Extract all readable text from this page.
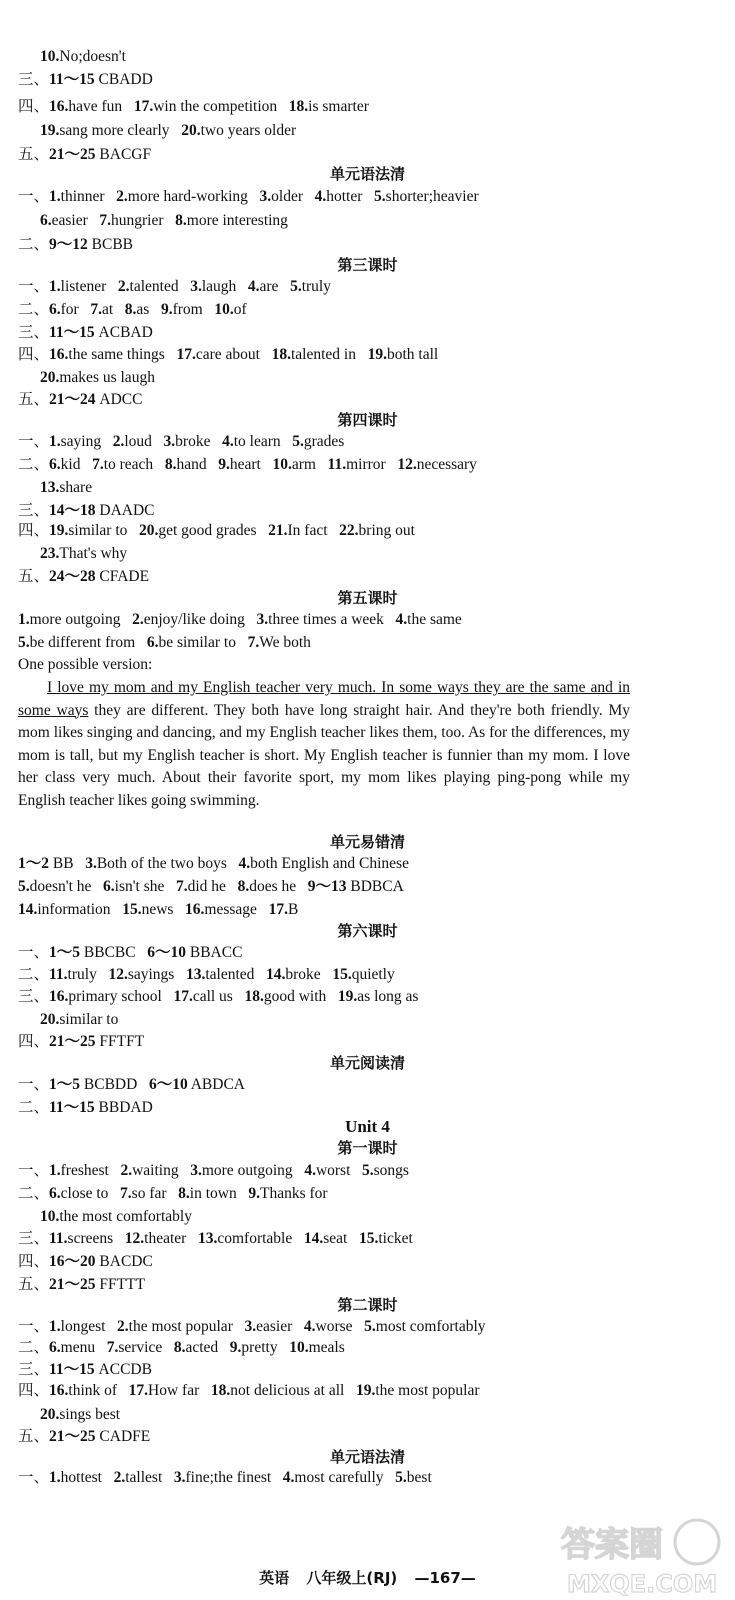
10.No;doesn't
三、11～15 CBADD
四、16.have fun   17.win the competition   18.is smarter
19.sang more clearly   20.two years older
五、21～25 BACGF
一、1.thinner   2.more hard-working   3.older   4.hotter   5.shorter;heavier
6.easier   7.hungrier   8.more interesting
二、9～12 BCBB
一、1.listener   2.talented   3.laugh   4.are   5.truly
二、6.for   7.at   8.as   9.from   10.of
三、11～15 ACBAD
四、16.the same things   17.care about   18.talented in   19.both tall
20.makes us laugh
五、21～24 ADCC
一、1.saying   2.loud   3.broke   4.to learn   5.grades
二、6.kid   7.to reach   8.hand   9.heart   10.arm   11.mirror   12.necessary
13.share
三、14～18 DAADC
四、19.similar to   20.get good grades   21.In fact   22.bring out
23.That's why
五、24～28 CFADE
1.more outgoing   2.enjoy/like doing   3.three times a week   4.the same
5.be different from   6.be similar to   7.We both
One possible version:
1～2 BB   3.Both of the two boys   4.both English and Chinese
5.doesn't he   6.isn't she   7.did he   8.does he   9～13 BDBCA
14.information   15.news   16.message   17.B
一、1～5 BBCBC   6～10 BBACC
二、11.truly   12.sayings   13.talented   14.broke   15.quietly
三、16.primary school   17.call us   18.good with   19.as long as
20.similar to
四、21～25 FFTFT
一、1～5 BCBDD   6～10 ABDCA
二、11～15 BBDAD
一、1.freshest   2.waiting   3.more outgoing   4.worst   5.songs
二、6.close to   7.so far   8.in town   9.Thanks for
10.the most comfortably
三、11.screens   12.theater   13.comfortable   14.seat   15.ticket
四、16～20 BACDC
五、21～25 FFTTT
一、1.longest   2.the most popular   3.easier   4.worse   5.most comfortably
二、6.menu   7.service   8.acted   9.pretty   10.meals
三、11～15 ACCDB
四、16.think of   17.How far   18.not delicious at all   19.the most popular
20.sings best
五、21～25 CADFE
一、1.hottest   2.tallest   3.fine;the finest   4.most carefully   5.best
单元语法清
第三课时
第四课时
第五课时
单元易错清
第六课时
单元阅读清
Unit 4
第一课时
第二课时
单元语法清
I love my mom and my English teacher very much. In some ways they are the same and in some ways they are different. They both have long straight hair. And they're both friendly. My mom likes singing and dancing, and my English teacher likes them, too. As for the differences, my mom is tall, but my English teacher is short. My English teacher is funnier than my mom. I love her class very much. About their favorite sport, my mom likes playing ping-pong while my English teacher likes going swimming.
英语 八年级上(RJ) —167—
答案圈
MXQE.COM
